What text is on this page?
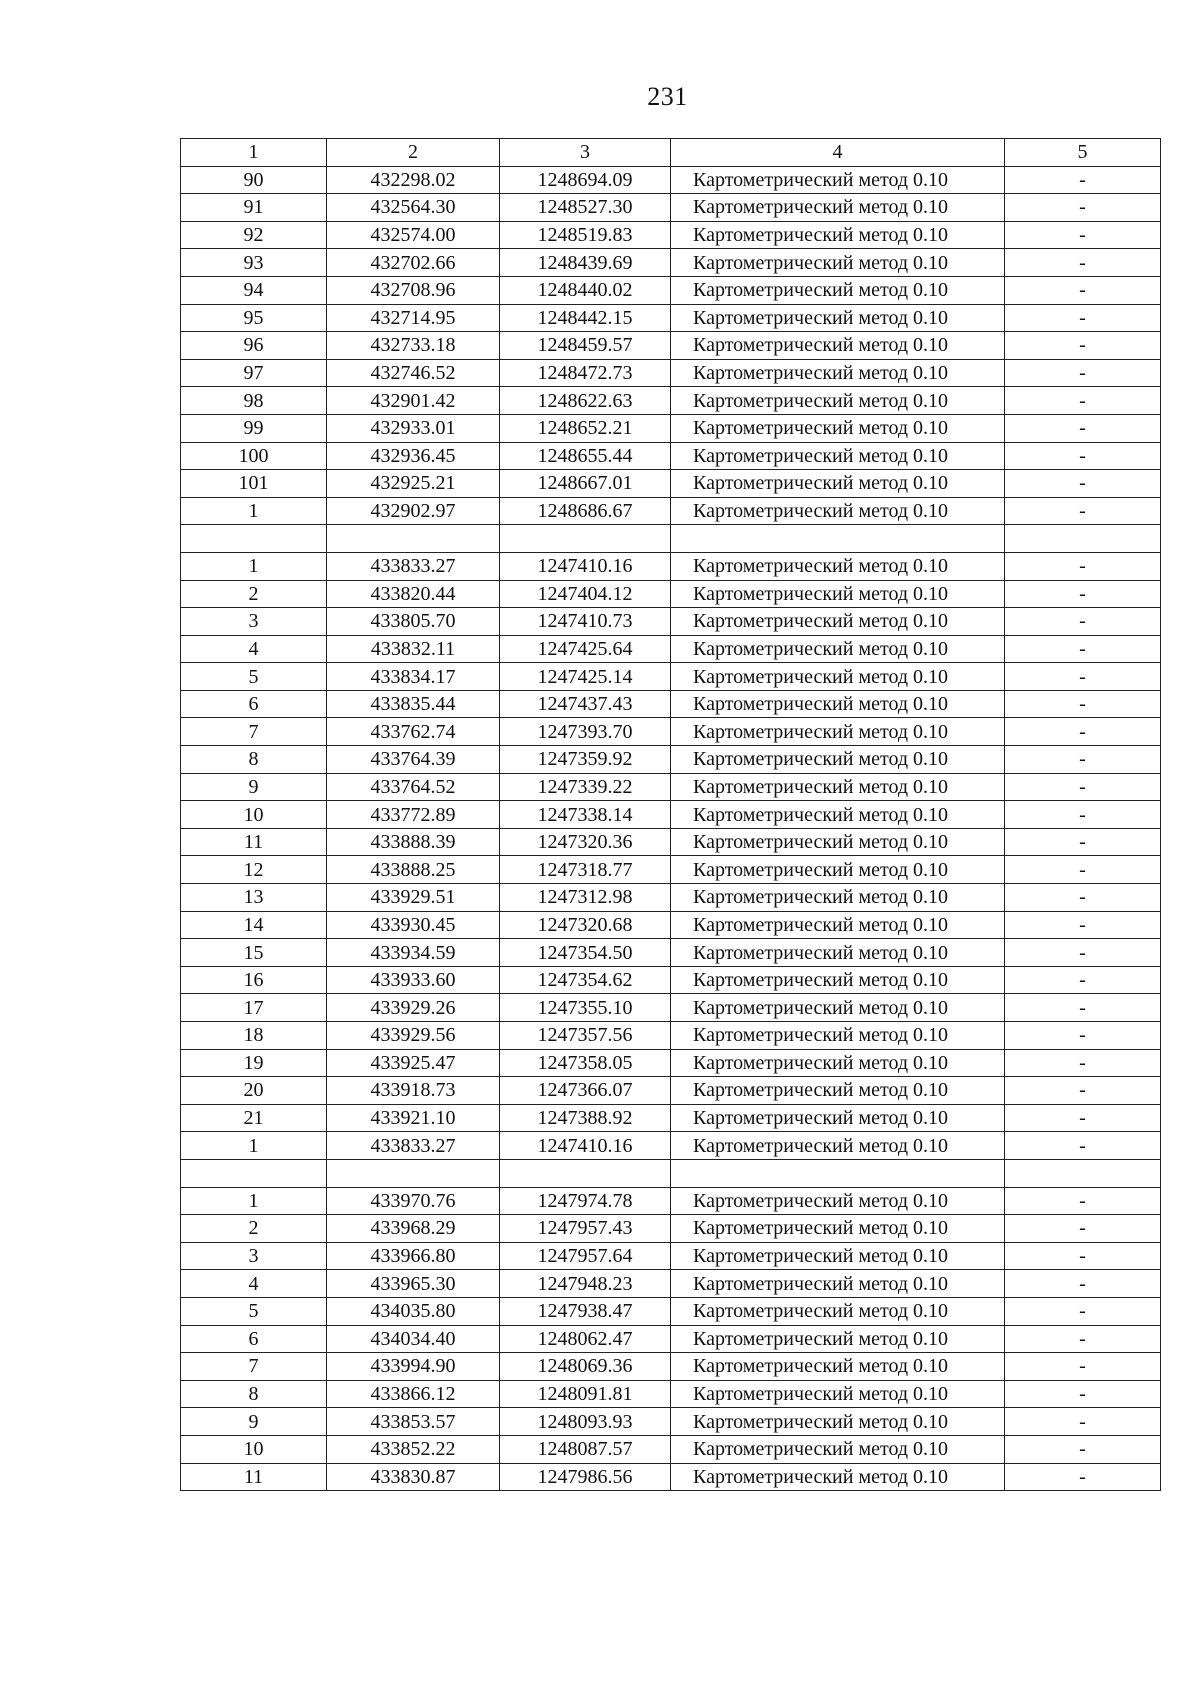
231
1	2	3	4	5
90	432298.02	1248694.09	Картометрический метод 0.10	-
91	432564.30	1248527.30	Картометрический метод 0.10	-
92	432574.00	1248519.83	Картометрический метод 0.10	-
93	432702.66	1248439.69	Картометрический метод 0.10	-
94	432708.96	1248440.02	Картометрический метод 0.10	-
95	432714.95	1248442.15	Картометрический метод 0.10	-
96	432733.18	1248459.57	Картометрический метод 0.10	-
97	432746.52	1248472.73	Картометрический метод 0.10	-
98	432901.42	1248622.63	Картометрический метод 0.10	-
99	432933.01	1248652.21	Картометрический метод 0.10	-
100	432936.45	1248655.44	Картометрический метод 0.10	-
101	432925.21	1248667.01	Картометрический метод 0.10	-
1	432902.97	1248686.67	Картометрический метод 0.10	-

1	433833.27	1247410.16	Картометрический метод 0.10	-
2	433820.44	1247404.12	Картометрический метод 0.10	-
3	433805.70	1247410.73	Картометрический метод 0.10	-
4	433832.11	1247425.64	Картометрический метод 0.10	-
5	433834.17	1247425.14	Картометрический метод 0.10	-
6	433835.44	1247437.43	Картометрический метод 0.10	-
7	433762.74	1247393.70	Картометрический метод 0.10	-
8	433764.39	1247359.92	Картометрический метод 0.10	-
9	433764.52	1247339.22	Картометрический метод 0.10	-
10	433772.89	1247338.14	Картометрический метод 0.10	-
11	433888.39	1247320.36	Картометрический метод 0.10	-
12	433888.25	1247318.77	Картометрический метод 0.10	-
13	433929.51	1247312.98	Картометрический метод 0.10	-
14	433930.45	1247320.68	Картометрический метод 0.10	-
15	433934.59	1247354.50	Картометрический метод 0.10	-
16	433933.60	1247354.62	Картометрический метод 0.10	-
17	433929.26	1247355.10	Картометрический метод 0.10	-
18	433929.56	1247357.56	Картометрический метод 0.10	-
19	433925.47	1247358.05	Картометрический метод 0.10	-
20	433918.73	1247366.07	Картометрический метод 0.10	-
21	433921.10	1247388.92	Картометрический метод 0.10	-
1	433833.27	1247410.16	Картометрический метод 0.10	-

1	433970.76	1247974.78	Картометрический метод 0.10	-
2	433968.29	1247957.43	Картометрический метод 0.10	-
3	433966.80	1247957.64	Картометрический метод 0.10	-
4	433965.30	1247948.23	Картометрический метод 0.10	-
5	434035.80	1247938.47	Картометрический метод 0.10	-
6	434034.40	1248062.47	Картометрический метод 0.10	-
7	433994.90	1248069.36	Картометрический метод 0.10	-
8	433866.12	1248091.81	Картометрический метод 0.10	-
9	433853.57	1248093.93	Картометрический метод 0.10	-
10	433852.22	1248087.57	Картометрический метод 0.10	-
11	433830.87	1247986.56	Картометрический метод 0.10	-
